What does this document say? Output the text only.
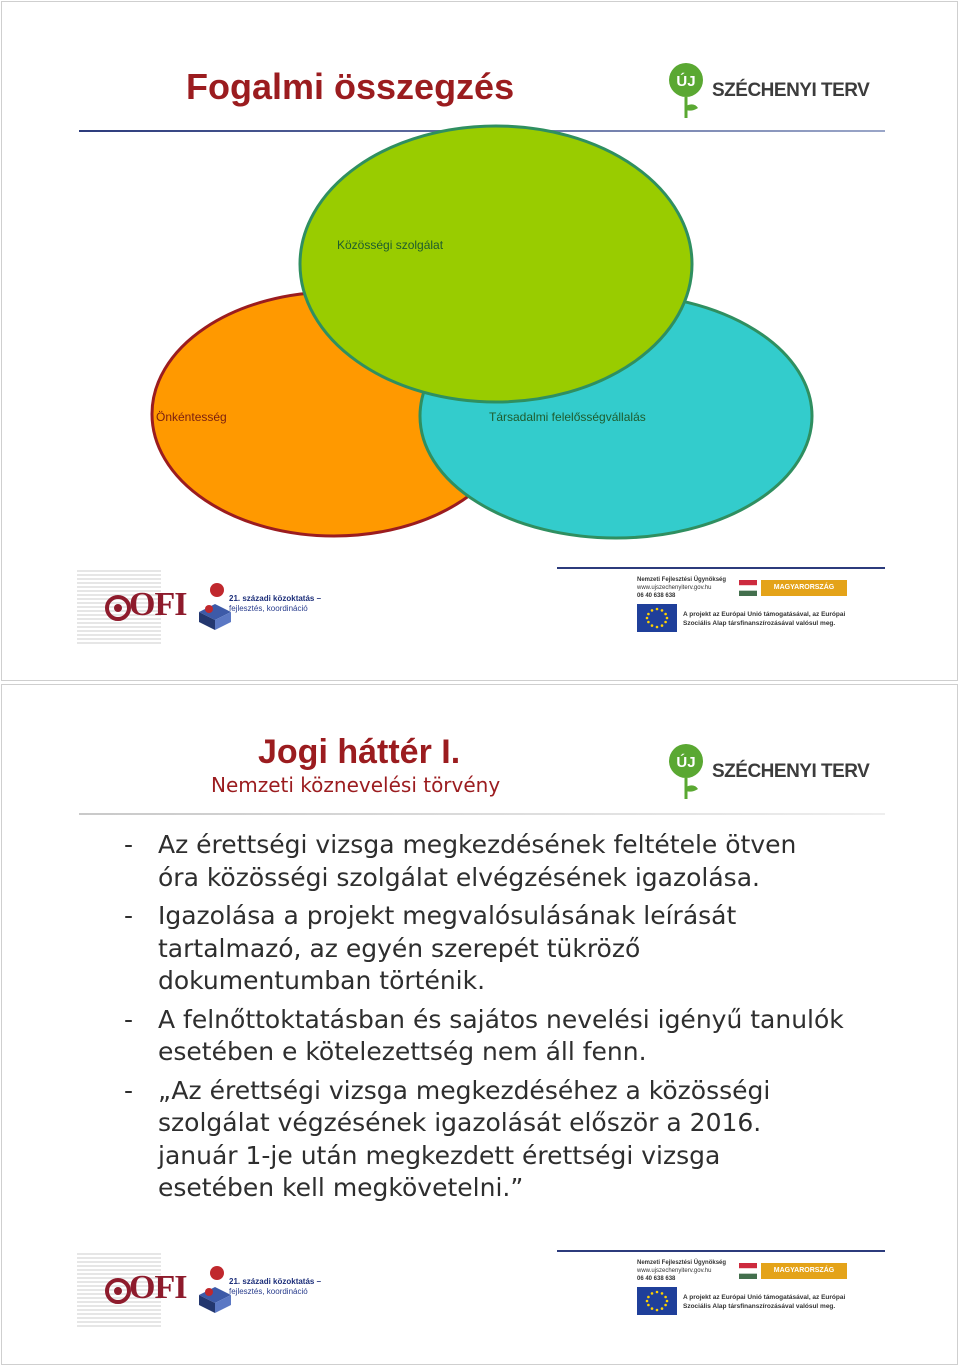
Fogalmi összegzés	ÚJ SZÉCHENYI TERV
Közösségi szolgálat
Önkéntesség	Társadalmi felelősségvállalás
OFI	21. századi közoktatás –
fejlesztés, koordináció
Nemzeti Fejlesztési Ügynökség
www.ujszechenyiterv.gov.hu
06 40 638 638
MAGYARORSZÁG MEGÚJUL
A projekt az Európai Unió támogatásával, az Európai
Szociális Alap társfinanszírozásával valósul meg.
Jogi háttér I.
Nemzeti köznevelési törvény
ÚJ SZÉCHENYI TERV
- Az érettségi vizsga megkezdésének feltétele ötven óra közösségi szolgálat elvégzésének igazolása.
- Igazolása a projekt megvalósulásának leírását tartalmazó, az egyén szerepét tükröző dokumentumban történik.
- A felnőttoktatásban és sajátos nevelési igényű tanulók esetében e kötelezettség nem áll fenn.
- „Az érettségi vizsga megkezdéséhez a közösségi szolgálat végzésének igazolását először a 2016. január 1-je után megkezdett érettségi vizsga esetében kell megkövetelni.”
OFI	21. századi közoktatás –
fejlesztés, koordináció
Nemzeti Fejlesztési Ügynökség
www.ujszechenyiterv.gov.hu
06 40 638 638
MAGYARORSZÁG MEGÚJUL
A projekt az Európai Unió támogatásával, az Európai
Szociális Alap társfinanszírozásával valósul meg.
